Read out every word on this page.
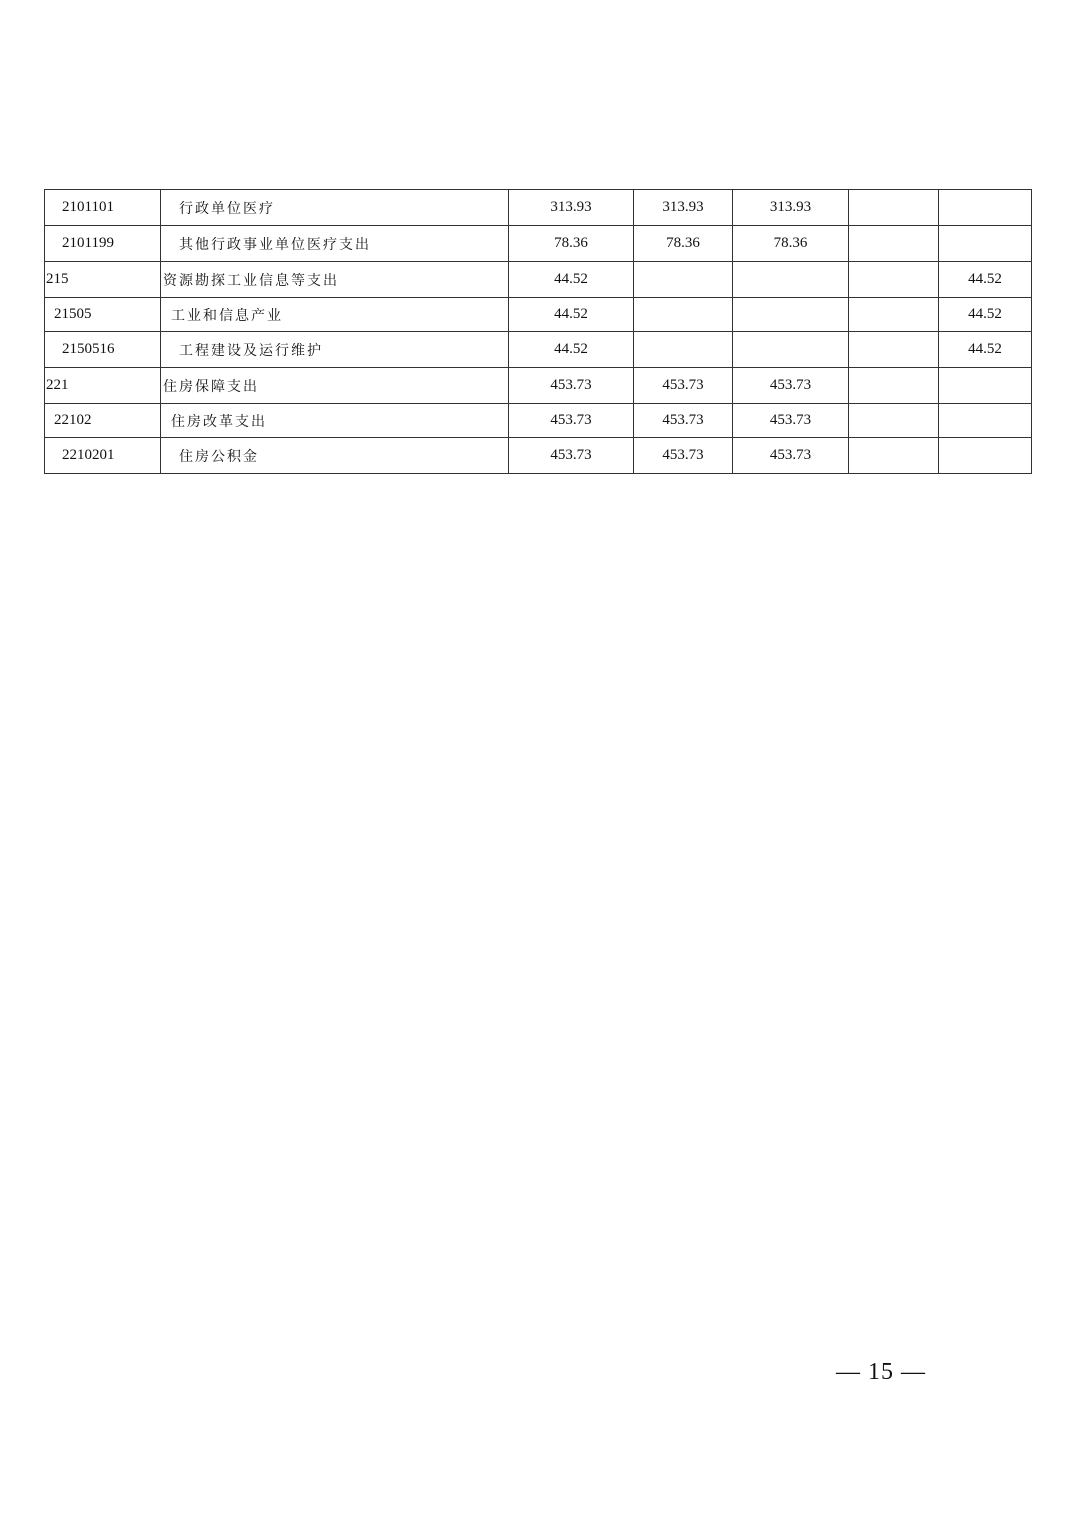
2101101	行政单位医疗	313.93	313.93	313.93		
2101199	其他行政事业单位医疗支出	78.36	78.36	78.36		
215	资源勘探工业信息等支出	44.52				44.52
21505	工业和信息产业	44.52				44.52
2150516	工程建设及运行维护	44.52				44.52
221	住房保障支出	453.73	453.73	453.73		
22102	住房改革支出	453.73	453.73	453.73		
2210201	住房公积金	453.73	453.73	453.73		
— 15 —
